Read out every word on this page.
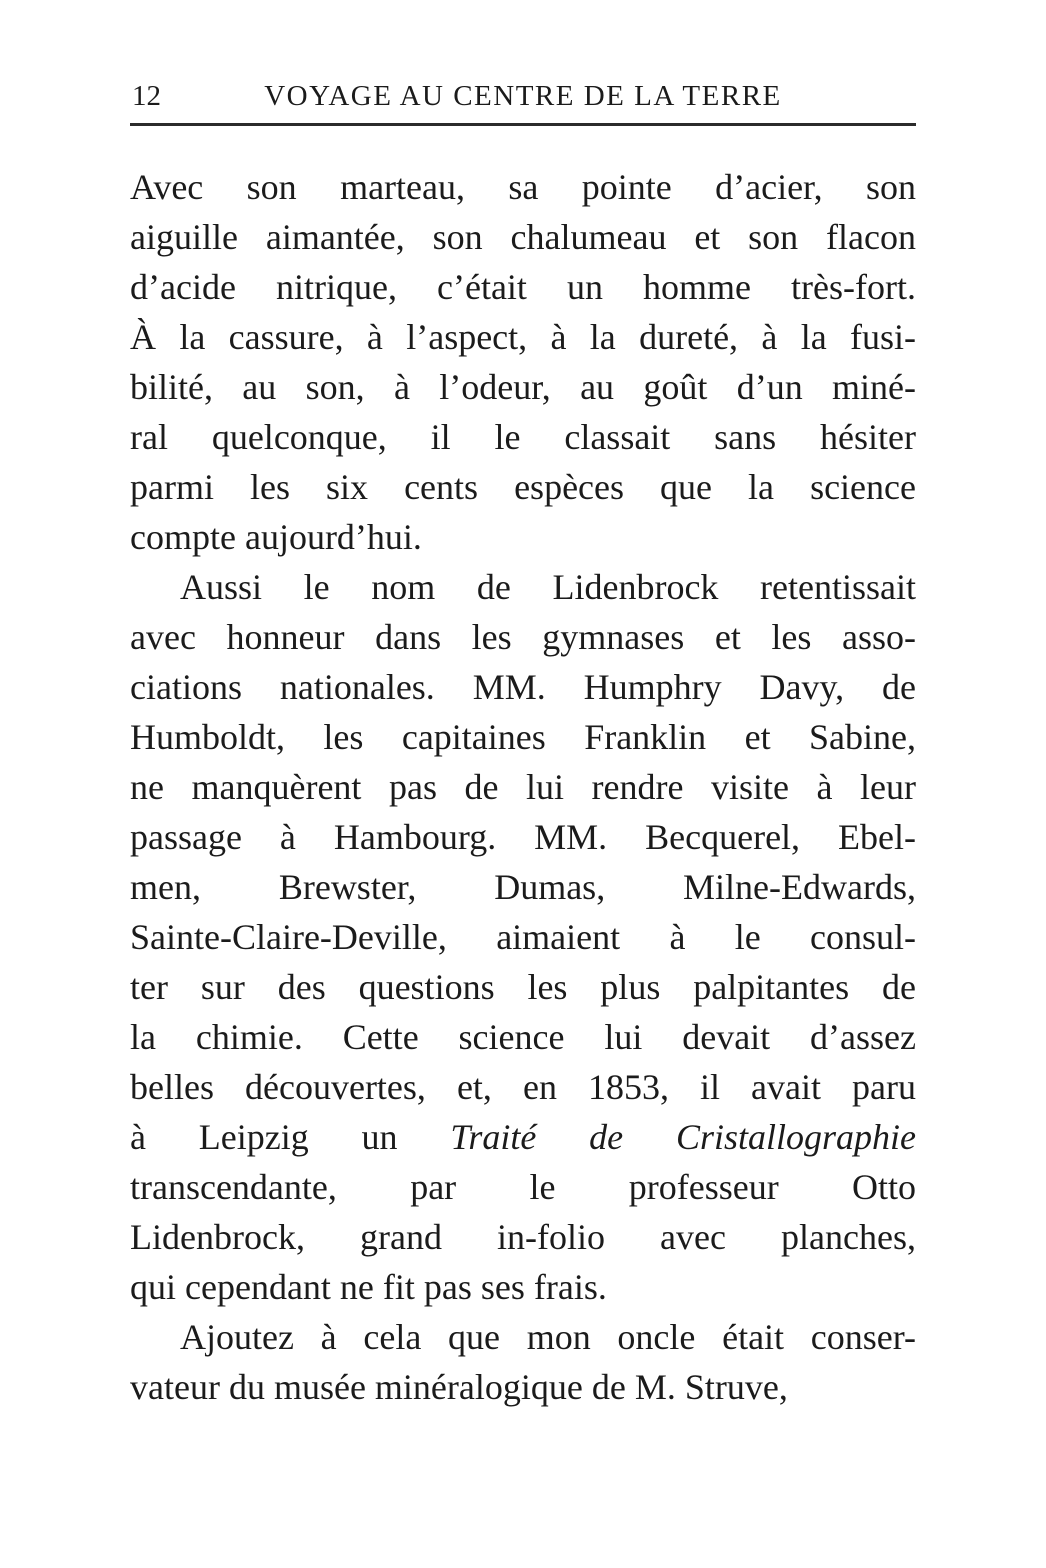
12	VOYAGE AU CENTRE DE LA TERRE
Avec son marteau, sa pointe d’acier, son
aiguille aimantée, son chalumeau et son flacon
d’acide nitrique, c’était un homme très-fort.
À la cassure, à l’aspect, à la dureté, à la fusi-
bilité, au son, à l’odeur, au goût d’un miné-
ral quelconque, il le classait sans hésiter
parmi les six cents espèces que la science
compte aujourd’hui.
Aussi le nom de Lidenbrock retentissait
avec honneur dans les gymnases et les asso-
ciations nationales. MM. Humphry Davy, de
Humboldt, les capitaines Franklin et Sabine,
ne manquèrent pas de lui rendre visite à leur
passage à Hambourg. MM. Becquerel, Ebel-
men, Brewster, Dumas, Milne-Edwards,
Sainte-Claire-Deville, aimaient à le consul-
ter sur des questions les plus palpitantes de
la chimie. Cette science lui devait d’assez
belles découvertes, et, en 1853, il avait paru
à Leipzig un Traité de Cristallographie
transcendante, par le professeur Otto
Lidenbrock, grand in-folio avec planches,
qui cependant ne fit pas ses frais.
Ajoutez à cela que mon oncle était conser-
vateur du musée minéralogique de M. Struve,
